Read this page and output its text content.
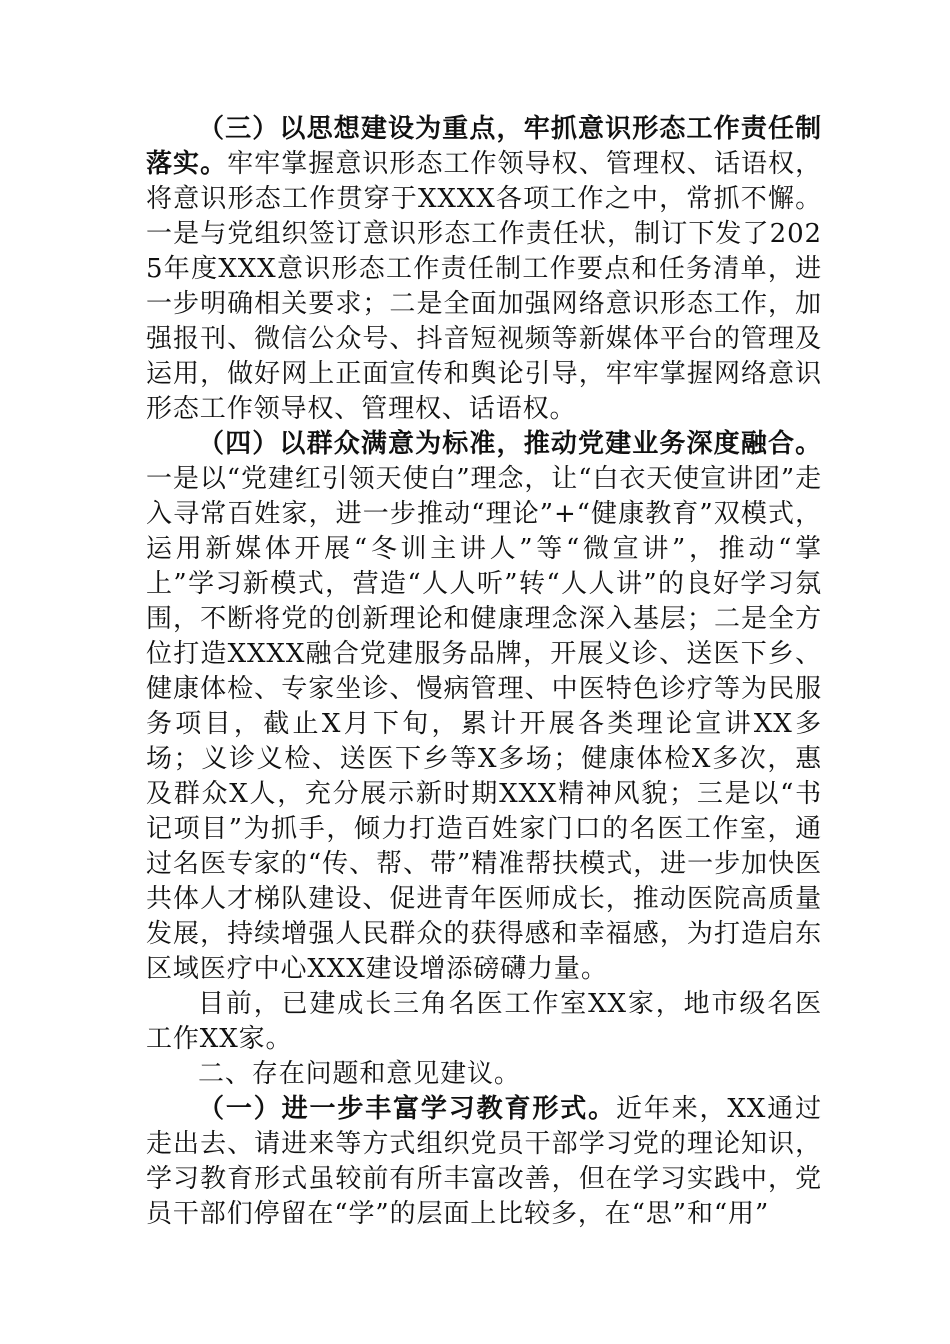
（三）以思想建设为重点，牢抓意识形态工作责任制落实。牢牢掌握意识形态工作领导权、管理权、话语权，将意识形态工作贯穿于XXXX各项工作之中，常抓不懈。一是与党组织签订意识形态工作责任状，制订下发了2025年度XXX意识形态工作责任制工作要点和任务清单，进一步明确相关要求；二是全面加强网络意识形态工作，加强报刊、微信公众号、抖音短视频等新媒体平台的管理及运用，做好网上正面宣传和舆论引导，牢牢掌握网络意识形态工作领导权、管理权、话语权。

（四）以群众满意为标准，推动党建业务深度融合。一是以“党建红引领天使白”理念，让“白衣天使宣讲团”走入寻常百姓家，进一步推动“理论”+“健康教育”双模式，运用新媒体开展“冬训主讲人”等“微宣讲”，推动“掌上”学习新模式，营造“人人听”转“人人讲”的良好学习氛围，不断将党的创新理论和健康理念深入基层；二是全方位打造XXXX融合党建服务品牌，开展义诊、送医下乡、健康体检、专家坐诊、慢病管理、中医特色诊疗等为民服务项目，截止X月下旬，累计开展各类理论宣讲XX多场；义诊义检、送医下乡等X多场；健康体检X多次，惠及群众X人，充分展示新时期XXX精神风貌；三是以“书记项目”为抓手，倾力打造百姓家门口的名医工作室，通过名医专家的“传、帮、带”精准帮扶模式，进一步加快医共体人才梯队建设、促进青年医师成长，推动医院高质量发展，持续增强人民群众的获得感和幸福感，为打造启东区域医疗中心XXX建设增添磅礴力量。

目前，已建成长三角名医工作室XX家，地市级名医工作XX家。

二、存在问题和意见建议。

（一）进一步丰富学习教育形式。近年来，XX通过走出去、请进来等方式组织党员干部学习党的理论知识，学习教育形式虽较前有所丰富改善，但在学习实践中，党员干部们停留在“学”的层面上比较多，在“思”和“用”
